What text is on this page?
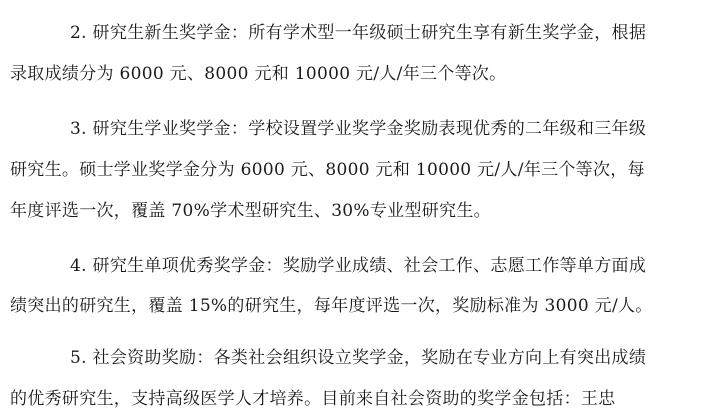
2. 研究生新生奖学金：所有学术型一年级硕士研究生享有新生奖学金，根据
录取成绩分为 6000 元、8000 元和 10000 元/人/年三个等次。
3. 研究生学业奖学金：学校设置学业奖学金奖励表现优秀的二年级和三年级
研究生。硕士学业奖学金分为 6000 元、8000 元和 10000 元/人/年三个等次，每
年度评选一次，覆盖 70%学术型研究生、30%专业型研究生。
4. 研究生单项优秀奖学金：奖励学业成绩、社会工作、志愿工作等单方面成
绩突出的研究生，覆盖 15%的研究生，每年度评选一次，奖励标准为 3000 元/人。
5. 社会资助奖励：各类社会组织设立奖学金，奖励在专业方向上有突出成绩
的优秀研究生，支持高级医学人才培养。目前来自社会资助的奖学金包括：王忠
